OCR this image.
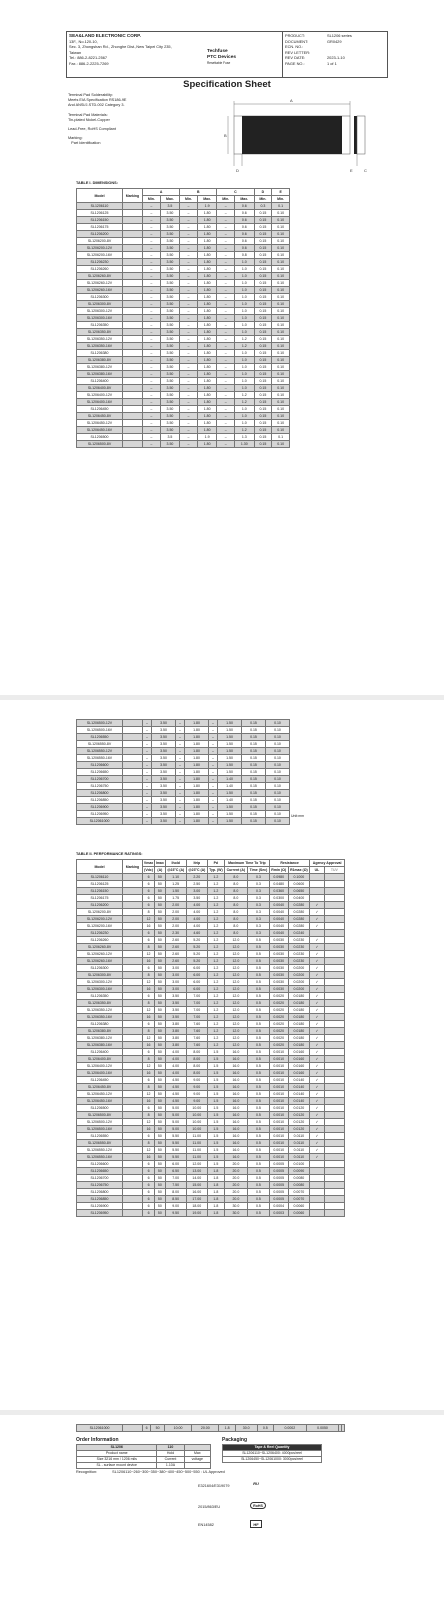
SEA&LAND ELECTRONIC CORP.
13F., No.120-10,
Sec. 3, Zhongshan Rd., Zhonghe Dist.,New Taipei City 235,
Taiwan
Tel.: 886-2-8221-2567
Fax.: 886-2-2225-7269
Techfuse
PTC Devices
Resettable Fuse
PRODUCT:	SL1206 series
DOCUMENT:	GR0429
ECN. NO.:
REV LETTER:
REV DATE:	2023-1-10
PAGE NO.:	1 of 1
Specification Sheet

Terminal Pad Solderability:
Meets EIA Specification RS186-9E
And ANSI/J-STD-002 Category 3.

Terminal Pad Materials:
Tin-plated Nickel-Copper

Lead-Free, RoHS Compliant

Marking:
Part Identification

A
B
D	E	C
TABLE I. DIMENSIONS:
Model	Marking	A		B		C		D	E
		Min.	Max.	Min.	Max.	Min.	Max.	Min.	Min.
SL1206110		–	3.5	–	1.9	–	0.6	0.3	0.1
SL1206125		–	3.50	–	1.80	–	0.6	0.15	0.10
SL1206150		–	3.50	–	1.80	–	0.6	0.15	0.10
SL1206175		–	3.50	–	1.80	–	0.6	0.15	0.10
SL1206200		–	3.50	–	1.80	–	0.6	0.15	0.10
SL1206200-8V		–	3.50	–	1.80	–	0.6	0.15	0.10
SL1206200-12V		–	3.50	–	1.80	–	0.6	0.15	0.10
SL1206200-16V		–	3.50	–	1.80	–	0.8	0.15	0.10
SL1206230		–	3.50	–	1.80	–	1.0	0.15	0.10
SL1206260		–	3.50	–	1.80	–	1.0	0.15	0.10
SL1206260-8V		–	3.50	–	1.80	–	1.0	0.15	0.10
SL1206260-12V		–	3.50	–	1.80	–	1.0	0.15	0.10
SL1206260-16V		–	3.50	–	1.80	–	1.0	0.15	0.10
SL1206300		–	3.50	–	1.80	–	1.0	0.15	0.10
SL1206300-8V		–	3.50	–	1.80	–	1.0	0.15	0.10
SL1206300-12V		–	3.50	–	1.80	–	1.0	0.15	0.10
SL1206300-16V		–	3.50	–	1.80	–	1.0	0.15	0.10
SL1206350		–	3.50	–	1.80	–	1.0	0.15	0.10
SL1206350-8V		–	3.50	–	1.80	–	1.0	0.15	0.10
SL1206350-12V		–	3.50	–	1.80	–	1.2	0.15	0.10
SL1206350-16V		–	3.50	–	1.80	–	1.2	0.15	0.10
SL1206380		–	3.50	–	1.80	–	1.0	0.15	0.10
SL1206380-8V		–	3.50	–	1.80	–	1.0	0.15	0.10
SL1206380-12V		–	3.50	–	1.80	–	1.0	0.15	0.10
SL1206380-16V		–	3.50	–	1.80	–	1.0	0.15	0.10
SL1206400		–	3.50	–	1.80	–	1.0	0.15	0.10
SL1206400-8V		–	3.50	–	1.80	–	1.0	0.15	0.10
SL1206400-12V		–	3.50	–	1.80	–	1.2	0.15	0.10
SL1206400-16V		–	3.50	–	1.80	–	1.2	0.15	0.10
SL1206450		–	3.50	–	1.80	–	1.0	0.15	0.10
SL1206450-8V		–	3.50	–	1.80	–	1.0	0.15	0.10
SL1206450-12V		–	3.50	–	1.80	–	1.0	0.15	0.10
SL1206450-16V		–	3.50	–	1.80	–	1.2	0.15	0.10
SL1206500		–	3.5	–	1.9	–	1.3	0.15	0.1
SL1206500-8V		–	3.50	–	1.80	–	1.30	0.15	0.10
SL1206500-12V		–	3.50	–	1.80	–	1.50	0.15	0.10
SL1206500-16V		–	3.50	–	1.80	–	1.50	0.15	0.10
SL1206550		–	3.50	–	1.80	–	1.50	0.15	0.10
SL1206550-8V		–	3.50	–	1.80	–	1.50	0.15	0.10
SL1206550-12V		–	3.50	–	1.80	–	1.50	0.15	0.10
SL1206550-16V		–	3.50	–	1.80	–	1.50	0.15	0.10
SL1206600		–	3.50	–	1.80	–	1.50	0.15	0.10
SL1206650		–	3.50	–	1.80	–	1.50	0.15	0.10
SL1206700		–	3.50	–	1.80	–	1.40	0.15	0.10
SL1206750		–	3.50	–	1.80	–	1.40	0.15	0.10
SL1206800		–	3.50	–	1.80	–	1.50	0.15	0.10
SL1206850		–	3.50	–	1.80	–	1.40	0.15	0.10
SL1206900		–	3.50	–	1.80	–	1.50	0.15	0.10
SL1206950		–	3.50	–	1.80	–	1.50	0.15	0.10
SL12061000		–	3.50	–	1.80	–	1.50	0.15	0.10
Unit:mm
TABLE II. PERFORMANCE RATINGS:
Model	Marking	Vmax	Imax	Ihold	Itrip	Pd	Maximum Time To Trip		Resistance		Agency Approval	
							Current (A)	Time (Sec)	Rmin (Ω)	R1max (Ω)	UL	TUV
		(Vdc)	(A)	@23°C (A)	@23°C (A)	Typ. (W)						
SL1206110		6	50	1.10	2.20	1.2	8.0	0.3	0.0980	0.1000		
SL1206125		6	50	1.25	2.50	1.2	8.0	0.3	0.0480	0.0600		
SL1206150		6	50	1.50	3.00	1.2	8.0	0.3	0.0360	0.0650		
SL1206175		6	50	1.75	3.50	1.2	8.0	0.3	0.0300	0.0400		
SL1206200		6	50	2.00	4.00	1.2	8.0	0.3	0.0040	0.0280	✓	
SL1206200-8V		8	50	2.00	4.00	1.2	8.0	0.3	0.0040	0.0280	✓	
SL1206200-12V		12	50	2.00	4.00	1.2	8.0	0.3	0.0040	0.0280	✓	
SL1206200-16V		16	50	2.00	4.00	1.2	8.0	0.3	0.0040	0.0280	✓	
SL1206230		6	50	2.30	4.60	1.2	8.0	0.3	0.0040	0.0240		
SL1206260		6	50	2.60	5.20	1.2	12.0	0.5	0.0030	0.0230	✓	
SL1206260-8V		8	50	2.60	5.20	1.2	12.0	0.5	0.0030	0.0230	✓	
SL1206260-12V		12	50	2.60	5.20	1.2	12.0	0.5	0.0030	0.0230	✓	
SL1206260-16V		16	50	2.60	5.20	1.2	12.0	0.5	0.0030	0.0230	✓	
SL1206300		6	50	3.00	6.00	1.2	12.0	0.5	0.0030	0.0200	✓	
SL1206300-8V		8	50	3.00	6.00	1.2	12.0	0.5	0.0030	0.0200	✓	
SL1206300-12V		12	50	3.00	6.00	1.2	12.0	0.5	0.0030	0.0200	✓	
SL1206300-16V		16	50	3.00	6.00	1.2	12.0	0.5	0.0030	0.0200	✓	
SL1206350		6	50	3.50	7.00	1.2	12.0	0.5	0.0020	0.0180	✓	
SL1206350-8V		8	50	3.50	7.00	1.2	12.0	0.5	0.0020	0.0180	✓	
SL1206350-12V		12	50	3.50	7.00	1.2	12.0	0.5	0.0020	0.0180	✓	
SL1206350-16V		16	50	3.50	7.00	1.2	12.0	0.5	0.0020	0.0180	✓	
SL1206380		6	50	3.80	7.60	1.2	12.0	0.5	0.0020	0.0180	✓	
SL1206380-8V		8	50	3.80	7.60	1.2	12.0	0.5	0.0020	0.0180	✓	
SL1206380-12V		12	50	3.80	7.60	1.2	12.0	0.5	0.0020	0.0180	✓	
SL1206380-16V		16	50	3.80	7.60	1.2	12.0	0.5	0.0020	0.0180	✓	
SL1206400		6	50	4.00	8.00	1.5	16.0	0.5	0.0010	0.0160	✓	
SL1206400-8V		8	50	4.00	8.00	1.5	16.0	0.5	0.0010	0.0160	✓	
SL1206400-12V		12	50	4.00	8.00	1.5	16.0	0.5	0.0010	0.0160	✓	
SL1206400-16V		16	50	4.00	8.00	1.5	16.0	0.5	0.0010	0.0160	✓	
SL1206450		6	50	4.50	9.00	1.5	16.0	0.5	0.0010	0.0140	✓	
SL1206450-8V		8	50	4.50	9.00	1.5	16.0	0.5	0.0010	0.0140	✓	
SL1206450-12V		12	50	4.50	9.00	1.5	16.0	0.5	0.0010	0.0140	✓	
SL1206450-16V		16	50	4.50	9.00	1.5	16.0	0.5	0.0010	0.0140	✓	
SL1206500		6	50	5.00	10.00	1.5	16.0	0.5	0.0010	0.0120	✓	
SL1206500-8V		8	50	5.00	10.00	1.5	16.0	0.5	0.0010	0.0120	✓	
SL1206500-12V		12	50	5.00	10.00	1.5	16.0	0.5	0.0010	0.0120	✓	
SL1206500-16V		16	50	5.00	10.00	1.5	16.0	0.5	0.0010	0.0120	✓	
SL1206550		6	50	5.50	11.00	1.5	16.0	0.5	0.0010	0.0110	✓	
SL1206550-8V		8	50	5.50	11.00	1.5	16.0	0.5	0.0010	0.0110	✓	
SL1206550-12V		12	50	5.50	11.00	1.5	16.0	0.5	0.0010	0.0110	✓	
SL1206550-16V		16	50	5.50	11.00	1.5	16.0	0.5	0.0010	0.0110	✓	
SL1206600		6	50	6.00	12.00	1.5	20.0	0.5	0.0005	0.0100		
SL1206650		6	50	6.50	13.00	1.8	20.0	0.5	0.0005	0.0090		
SL1206700		6	50	7.00	14.00	1.8	20.0	0.5	0.0005	0.0080		
SL1206750		6	50	7.50	15.00	1.8	20.0	0.5	0.0005	0.0080		
SL1206800		6	50	8.00	16.00	1.8	20.0	0.5	0.0005	0.0070		
SL1206850		6	50	8.50	17.00	1.8	20.0	0.5	0.0005	0.0070		
SL1206900		6	50	9.00	18.00	1.8	30.0	0.5	0.0004	0.0060		
SL1206950		6	50	9.50	19.00	1.8	30.0	0.5	0.0003	0.0060		
SL12061000		6	50	10.00	20.00	1.8	30.0	0.5	0.0002	0.0050		
Order Information
SL1206	110	
Product name	Hold	Max
Size 3216 mm / 1206 mils	Current	voltage
SL - surface mount device	1.10A	
Packaging
Tape & Reel Quantity
SL1206110~SL1206400: 4000pcs/reel
SL1206450~SL12061000: 3000pcs/reel
Recognition:	SL1206110~260~300~350~380~400~450~500~550 : UL Approved
E321604/E319079	RU
2015/863/EU	RoHS
EN14582	HF
